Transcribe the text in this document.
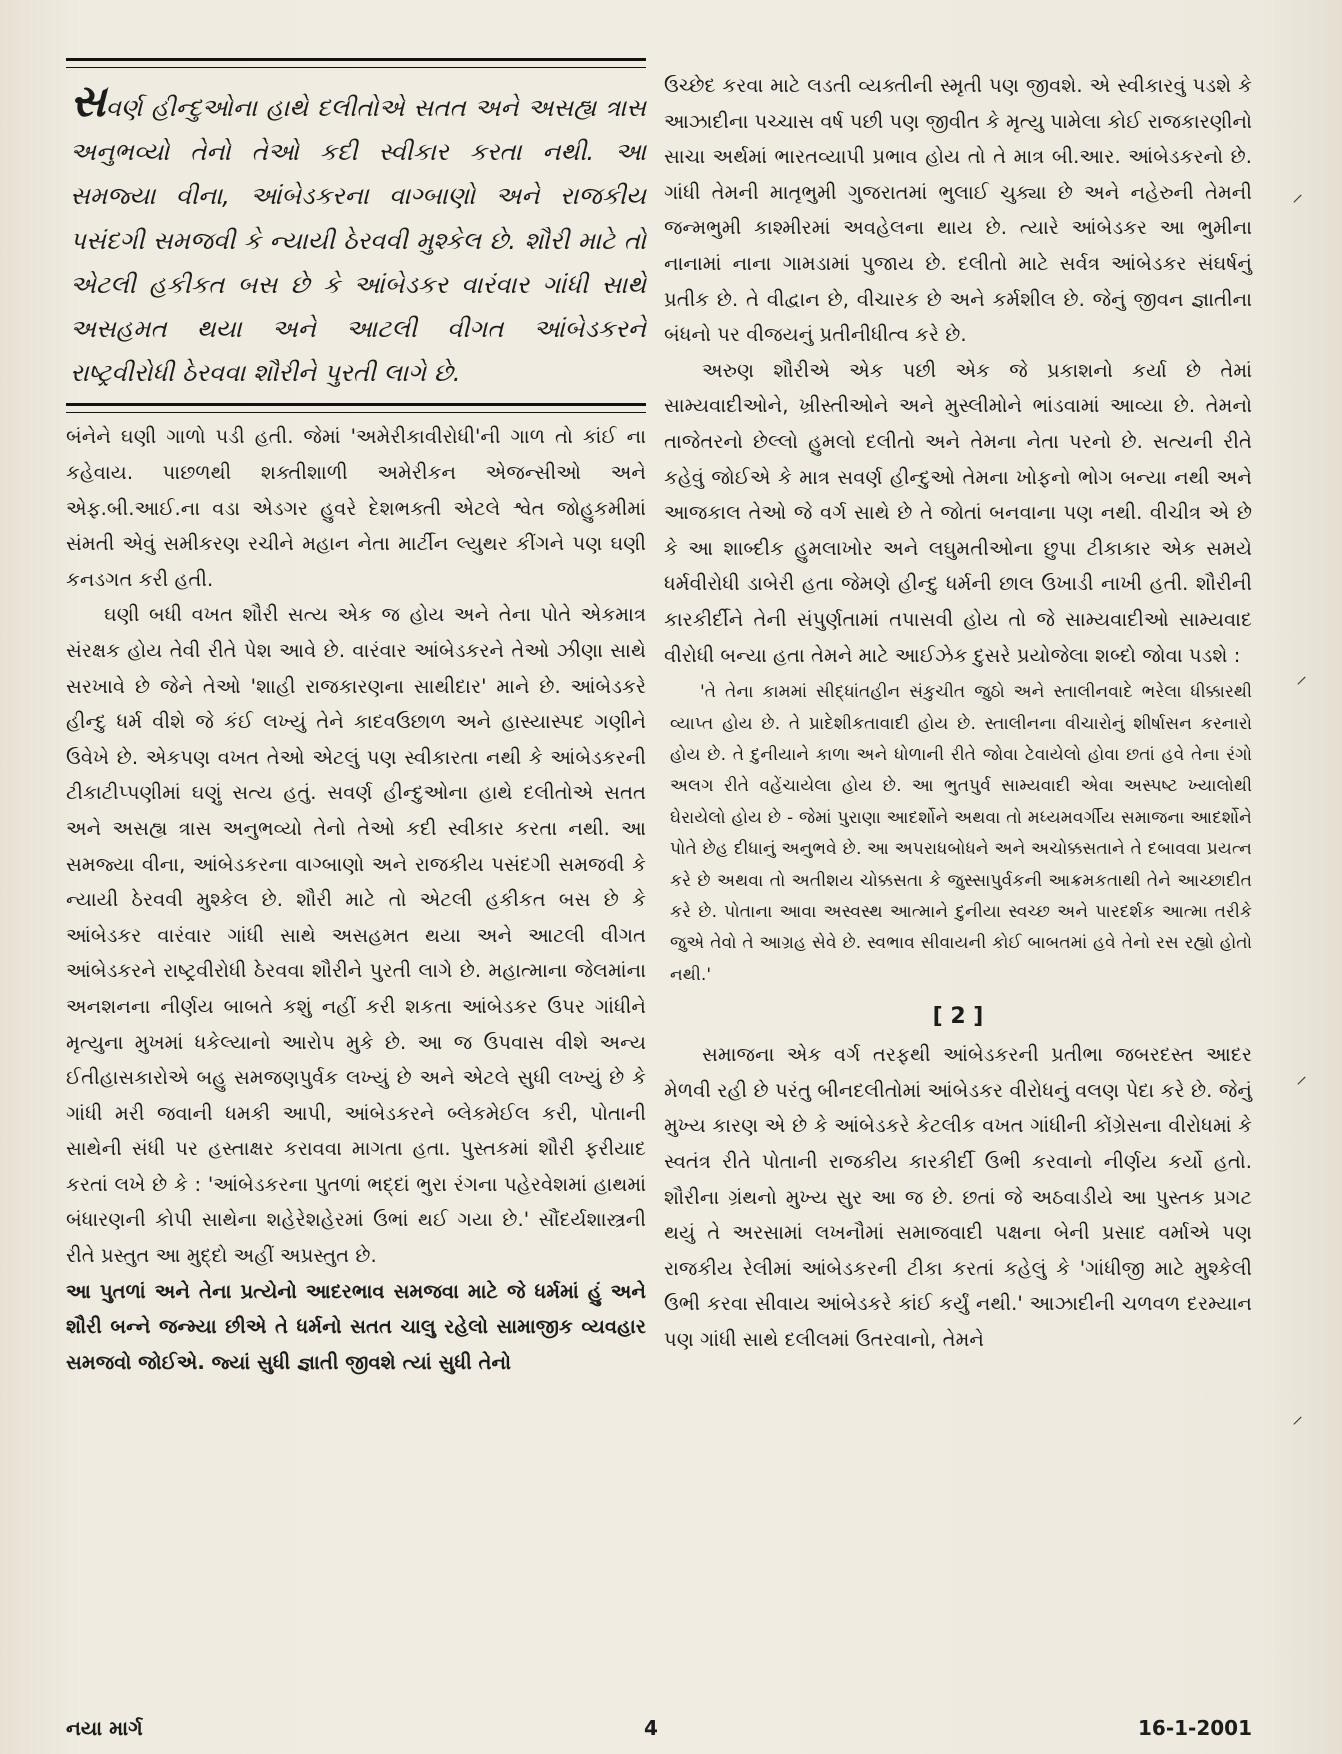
સવર્ણ હીન્દુઓના હાથે દલીતોએ સતત અને અસહ્ય ત્રાસ અનુભવ્યો તેનો તેઓ કદી સ્વીકાર કરતા નથી. આ સમજ્યા વીના, આંબેડકરના વાગ્બાણો અને રાજકીય પસંદગી સમજવી કે ન્યાયી ઠેરવવી મુશ્કેલ છે. શૌરી માટે તો એટલી હકીકત બસ છે કે આંબેડકર વારંવાર ગાંધી સાથે અસહમત થયા અને આટલી વીગત આંબેડકરને રાષ્ટ્રવીરોધી ઠેરવવા શૌરીને પુરતી લાગે છે.

બંનેને ઘણી ગાળો પડી હતી. જેમાં 'અમેરીકાવીરોધી'ની ગાળ તો કાંઈ ના કહેવાય. પાછળથી શક્તીશાળી અમેરીકન એજન્સીઓ અને એફ.બી.આઈ.ના વડા એડગર હુવરે દેશભક્તી એટલે શ્વેત જોહુકમીમાં સંમતી એવું સમીકરણ રચીને મહાન નેતા માર્ટીન લ્યુથર કીંગને પણ ઘણી કનડગત કરી હતી.

ઘણી બધી વખત શૌરી સત્ય એક જ હોય અને તેના પોતે એકમાત્ર સંરક્ષક હોય તેવી રીતે પેશ આવે છે. વારંવાર આંબેડકરને તેઓ ઝીણા સાથે સરખાવે છે જેને તેઓ 'શાહી રાજકારણના સાથીદાર' માને છે. આંબેડકરે હીન્દુ ધર્મ વીશે જે કંઈ લખ્યું તેને કાદવઉછાળ અને હાસ્યાસ્પદ ગણીને ઉવેખે છે. એકપણ વખત તેઓ એટલું પણ સ્વીકારતા નથી કે આંબેડકરની ટીકાટીપ્પણીમાં ઘણું સત્ય હતું. સવર્ણ હીન્દુઓના હાથે દલીતોએ સતત અને અસહ્ય ત્રાસ અનુભવ્યો તેનો તેઓ કદી સ્વીકાર કરતા નથી. આ સમજ્યા વીના, આંબેડકરના વાગ્બાણો અને રાજકીય પસંદગી સમજવી કે ન્યાયી ઠેરવવી મુશ્કેલ છે. શૌરી માટે તો એટલી હકીકત બસ છે કે આંબેડકર વારંવાર ગાંધી સાથે અસહમત થયા અને આટલી વીગત આંબેડકરને રાષ્ટ્રવીરોધી ઠેરવવા શૌરીને પુરતી લાગે છે. મહાત્માના જેલમાંના અનશનના નીર્ણય બાબતે કશું નહીં કરી શકતા આંબેડકર ઉપર ગાંધીને મૃત્યુના મુખમાં ધકેલ્યાનો આરોપ મુકે છે. આ જ ઉપવાસ વીશે અન્ય ઈતીહાસકારોએ બહુ સમજણપુર્વક લખ્યું છે અને એટલે સુધી લખ્યું છે કે ગાંધી મરી જવાની ધમકી આપી, આંબેડકરને બ્લેકમેઈલ કરી, પોતાની સાથેની સંધી પર હસ્તાક્ષર કરાવવા માગતા હતા. પુસ્તકમાં શૌરી ફરીયાદ કરતાં લખે છે કે : 'આંબેડકરના પુતળાં ભદ્દાં ભુરા રંગના પહેરવેશમાં હાથમાં બંધારણની કોપી સાથેના શહેરેશહેરમાં ઉભાં થઈ ગયા છે.' સૌંદર્યશાસ્ત્રની રીતે પ્રસ્તુત આ મુદ્દો અહીં અપ્રસ્તુત છે.

આ પુતળાં અને તેના પ્રત્યેનો આદરભાવ સમજવા માટે જે ધર્મમાં હું અને શૌરી બન્ને જન્મ્યા છીએ તે ધર્મનો સતત ચાલુ રહેલો સામાજીક વ્યવહાર સમજવો જોઈએ. જ્યાં સુધી જ્ઞાતી જીવશે ત્યાં સુધી તેનો

ઉચ્છેદ કરવા માટે લડતી વ્યક્તીની સ્મૃતી પણ જીવશે. એ સ્વીકારવું પડશે કે આઝાદીના પચ્ચાસ વર્ષ પછી પણ જીવીત કે મૃત્યુ પામેલા કોઈ રાજકારણીનો સાચા અર્થમાં ભારતવ્યાપી પ્રભાવ હોય તો તે માત્ર બી.આર. આંબેડકરનો છે. ગાંધી તેમની માતૃભુમી ગુજરાતમાં ભુલાઈ ચુક્યા છે અને નહેરુની તેમની જન્મભુમી કાશ્મીરમાં અવહેલના થાય છે. ત્યારે આંબેડકર આ ભુમીના નાનામાં નાના ગામડામાં પુજાય છે. દલીતો માટે સર્વત્ર આંબેડકર સંઘર્ષનું પ્રતીક છે. તે વીદ્વાન છે, વીચારક છે અને કર્મશીલ છે. જેનું જીવન જ્ઞાતીના બંધનો પર વીજયનું પ્રતીનીધીત્વ કરે છે.

અરુણ શૌરીએ એક પછી એક જે પ્રકાશનો કર્યા છે તેમાં સામ્યવાદીઓને, ખ્રીસ્તીઓને અને મુસ્લીમોને ભાંડવામાં આવ્યા છે. તેમનો તાજેતરનો છેલ્લો હુમલો દલીતો અને તેમના નેતા પરનો છે. સત્યની રીતે કહેવું જોઈએ કે માત્ર સવર્ણ હીન્દુઓ તેમના ખોફનો ભોગ બન્યા નથી અને આજકાલ તેઓ જે વર્ગ સાથે છે તે જોતાં બનવાના પણ નથી. વીચીત્ર એ છે કે આ શાબ્દીક હુમલાખોર અને લઘુમતીઓના છુપા ટીકાકાર એક સમયે ધર્મવીરોધી ડાબેરી હતા જેમણે હીન્દુ ધર્મની છાલ ઉખાડી નાખી હતી. શૌરીની કારકીર્દીને તેની સંપુર્ણતામાં તપાસવી હોય તો જે સામ્યવાદીઓ સામ્યવાદ વીરોધી બન્યા હતા તેમને માટે આઈઝેક દુસરે પ્રયોજેલા શબ્દો જોવા પડશે :

'તે તેના કામમાં સીદ્ધાંતહીન સંકુચીત જુઠો અને સ્તાલીનવાદે ભરેલા ધીક્કારથી વ્યાપ્ત હોય છે. તે પ્રાદેશીકતાવાદી હોય છે. સ્તાલીનના વીચારોનું શીર્ષાસન કરનારો હોય છે. તે દુનીયાને કાળા અને ધોળાની રીતે જોવા ટેવાયેલો હોવા છતાં હવે તેના રંગો અલગ રીતે વહેંચાયેલા હોય છે. આ ભુતપુર્વ સામ્યવાદી એવા અસ્પષ્ટ ખ્યાલોથી ઘેરાયેલો હોય છે - જેમાં પુરાણા આદર્શોને અથવા તો મધ્યમવર્ગીય સમાજના આદર્શોને પોતે છેહ દીધાનું અનુભવે છે. આ અપરાધબોધને અને અચોક્કસતાને તે દબાવવા પ્રયત્ન કરે છે અથવા તો અતીશય ચોક્કસતા કે જુસ્સાપુર્વકની આક્રમકતાથી તેને આચ્છાદીત કરે છે. પોતાના આવા અસ્વસ્થ આત્માને દુનીયા સ્વચ્છ અને પારદર્શક આત્મા તરીકે જુએ તેવો તે આગ્રહ સેવે છે. સ્વભાવ સીવાયની કોઈ બાબતમાં હવે તેનો રસ રહ્યો હોતો નથી.'

[ 2 ]

સમાજના એક વર્ગ તરફથી આંબેડકરની પ્રતીભા જબરદસ્ત આદર મેળવી રહી છે પરંતુ બીનદલીતોમાં આંબેડકર વીરોધનું વલણ પેદા કરે છે. જેનું મુખ્ય કારણ એ છે કે આંબેડકરે કેટલીક વખત ગાંધીની કોંગ્રેસના વીરોધમાં કે સ્વતંત્ર રીતે પોતાની રાજકીય કારકીર્દી ઉભી કરવાનો નીર્ણય કર્યો હતો. શૌરીના ગ્રંથનો મુખ્ય સુર આ જ છે. છતાં જે અઠવાડીયે આ પુસ્તક પ્રગટ થયું તે અરસામાં લખનૌમાં સમાજવાદી પક્ષના બેની પ્રસાદ વર્માએ પણ રાજકીય રેલીમાં આંબેડકરની ટીકા કરતાં કહેલું કે 'ગાંધીજી માટે મુશ્કેલી ઉભી કરવા સીવાય આંબેડકરે કાંઈ કર્યું નથી.' આઝાદીની ચળવળ દરમ્યાન પણ ગાંધી સાથે દલીલમાં ઉતરવાનો, તેમને

⸝
⸝
⸝
⸝
નયા માર્ગ	4	16-1-2001
